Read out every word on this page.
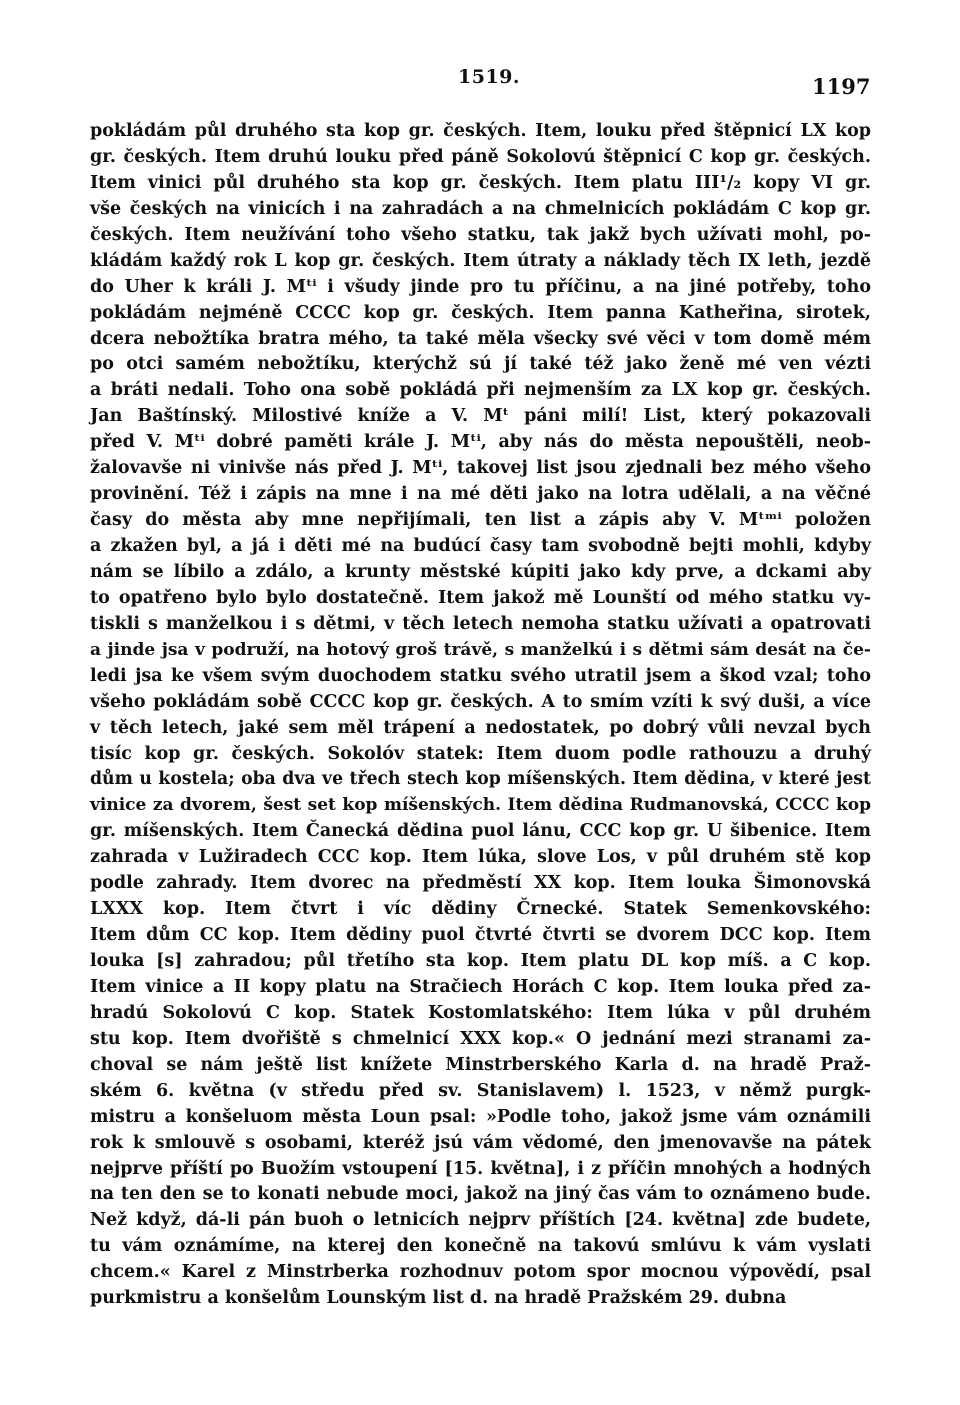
1519.	1197
pokládám půl druhého sta kop gr. českých. Item, louku před štěpnicí LX kop
gr. českých. Item druhú louku před páně Sokolovú štěpnicí C kop gr. českých.
Item vinici půl druhého sta kop gr. českých. Item platu III¹/₂ kopy VI gr.
vše českých na vinicích i na zahradách a na chmelnicích pokládám C kop gr.
českých. Item neužívání toho všeho statku, tak jakž bych užívati mohl, po-
kládám každý rok L kop gr. českých. Item útraty a náklady těch IX leth, jezdě
do Uher k králi J. Mᵗⁱ i všudy jinde pro tu příčinu, a na jiné potřeby, toho
pokládám nejméně CCCC kop gr. českých. Item panna Katheřina, sirotek,
dcera nebožtíka bratra mého, ta také měla všecky své věci v tom domě mém
po otci samém nebožtíku, kterýchž sú jí také též jako ženě mé ven vézti
a bráti nedali. Toho ona sobě pokládá při nejmenším za LX kop gr. českých.
Jan Baštínský. Milostivé kníže a V. Mᵗ páni milí! List, který pokazovali
před V. Mᵗⁱ dobré paměti krále J. Mᵗⁱ, aby nás do města nepouštěli, neob-
žalovavše ni vinivše nás před J. Mᵗⁱ, takovej list jsou zjednali bez mého všeho
provinění. Též i zápis na mne i na mé děti jako na lotra udělali, a na věčné
časy do města aby mne nepřijímali, ten list a zápis aby V. Mᵗᵐⁱ položen
a zkažen byl, a já i děti mé na budúcí časy tam svobodně bejti mohli, kdyby
nám se líbilo a zdálo, a krunty městské kúpiti jako kdy prve, a dckami aby
to opatřeno bylo bylo dostatečně. Item jakož mě Lounští od mého statku vy-
tiskli s manželkou i s dětmi, v těch letech nemoha statku užívati a opatrovati
a jinde jsa v podruží, na hotový groš trávě, s manželkú i s dětmi sám desát na če-
ledi jsa ke všem svým duochodem statku svého utratil jsem a škod vzal; toho
všeho pokládám sobě CCCC kop gr. českých. A to smím vzíti k svý duši, a více
v těch letech, jaké sem měl trápení a nedostatek, po dobrý vůli nevzal bych
tisíc kop gr. českých. Sokolóv statek: Item duom podle rathouzu a druhý
dům u kostela; oba dva ve třech stech kop míšenských. Item dědina, v které jest
vinice za dvorem, šest set kop míšenských. Item dědina Rudmanovská, CCCC kop
gr. míšenských. Item Čanecká dědina puol lánu, CCC kop gr. U šibenice. Item
zahrada v Lužiradech CCC kop. Item lúka, slove Los, v půl druhém stě kop
podle zahrady. Item dvorec na předměstí XX kop. Item louka Šimonovská
LXXX kop. Item čtvrt i víc dědiny Črnecké. Statek Semenkovského:
Item dům CC kop. Item dědiny puol čtvrté čtvrti se dvorem DCC kop. Item
louka [s] zahradou; půl třetího sta kop. Item platu DL kop míš. a C kop.
Item vinice a II kopy platu na Stračiech Horách C kop. Item louka před za-
hradú Sokolovú C kop. Statek Kostomlatského: Item lúka v půl druhém
stu kop. Item dvořiště s chmelnicí XXX kop.« O jednání mezi stranami za-
choval se nám ještě list knížete Minstrberského Karla d. na hradě Praž-
ském 6. května (v středu před sv. Stanislavem) l. 1523, v němž purgk-
mistru a konšeluom města Loun psal: »Podle toho, jakož jsme vám oznámili
rok k smlouvě s osobami, kteréž jsú vám vědomé, den jmenovavše na pátek
nejprve příští po Buožím vstoupení [15. května], i z příčin mnohých a hodných
na ten den se to konati nebude moci, jakož na jiný čas vám to oznámeno bude.
Než když, dá-li pán buoh o letnicích nejprv příštích [24. května] zde budete,
tu vám oznámíme, na kterej den konečně na takovú smlúvu k vám vyslati
chcem.« Karel z Minstrberka rozhodnuv potom spor mocnou výpovědí, psal
purkmistru a konšelům Lounským list d. na hradě Pražském 29. dubna
